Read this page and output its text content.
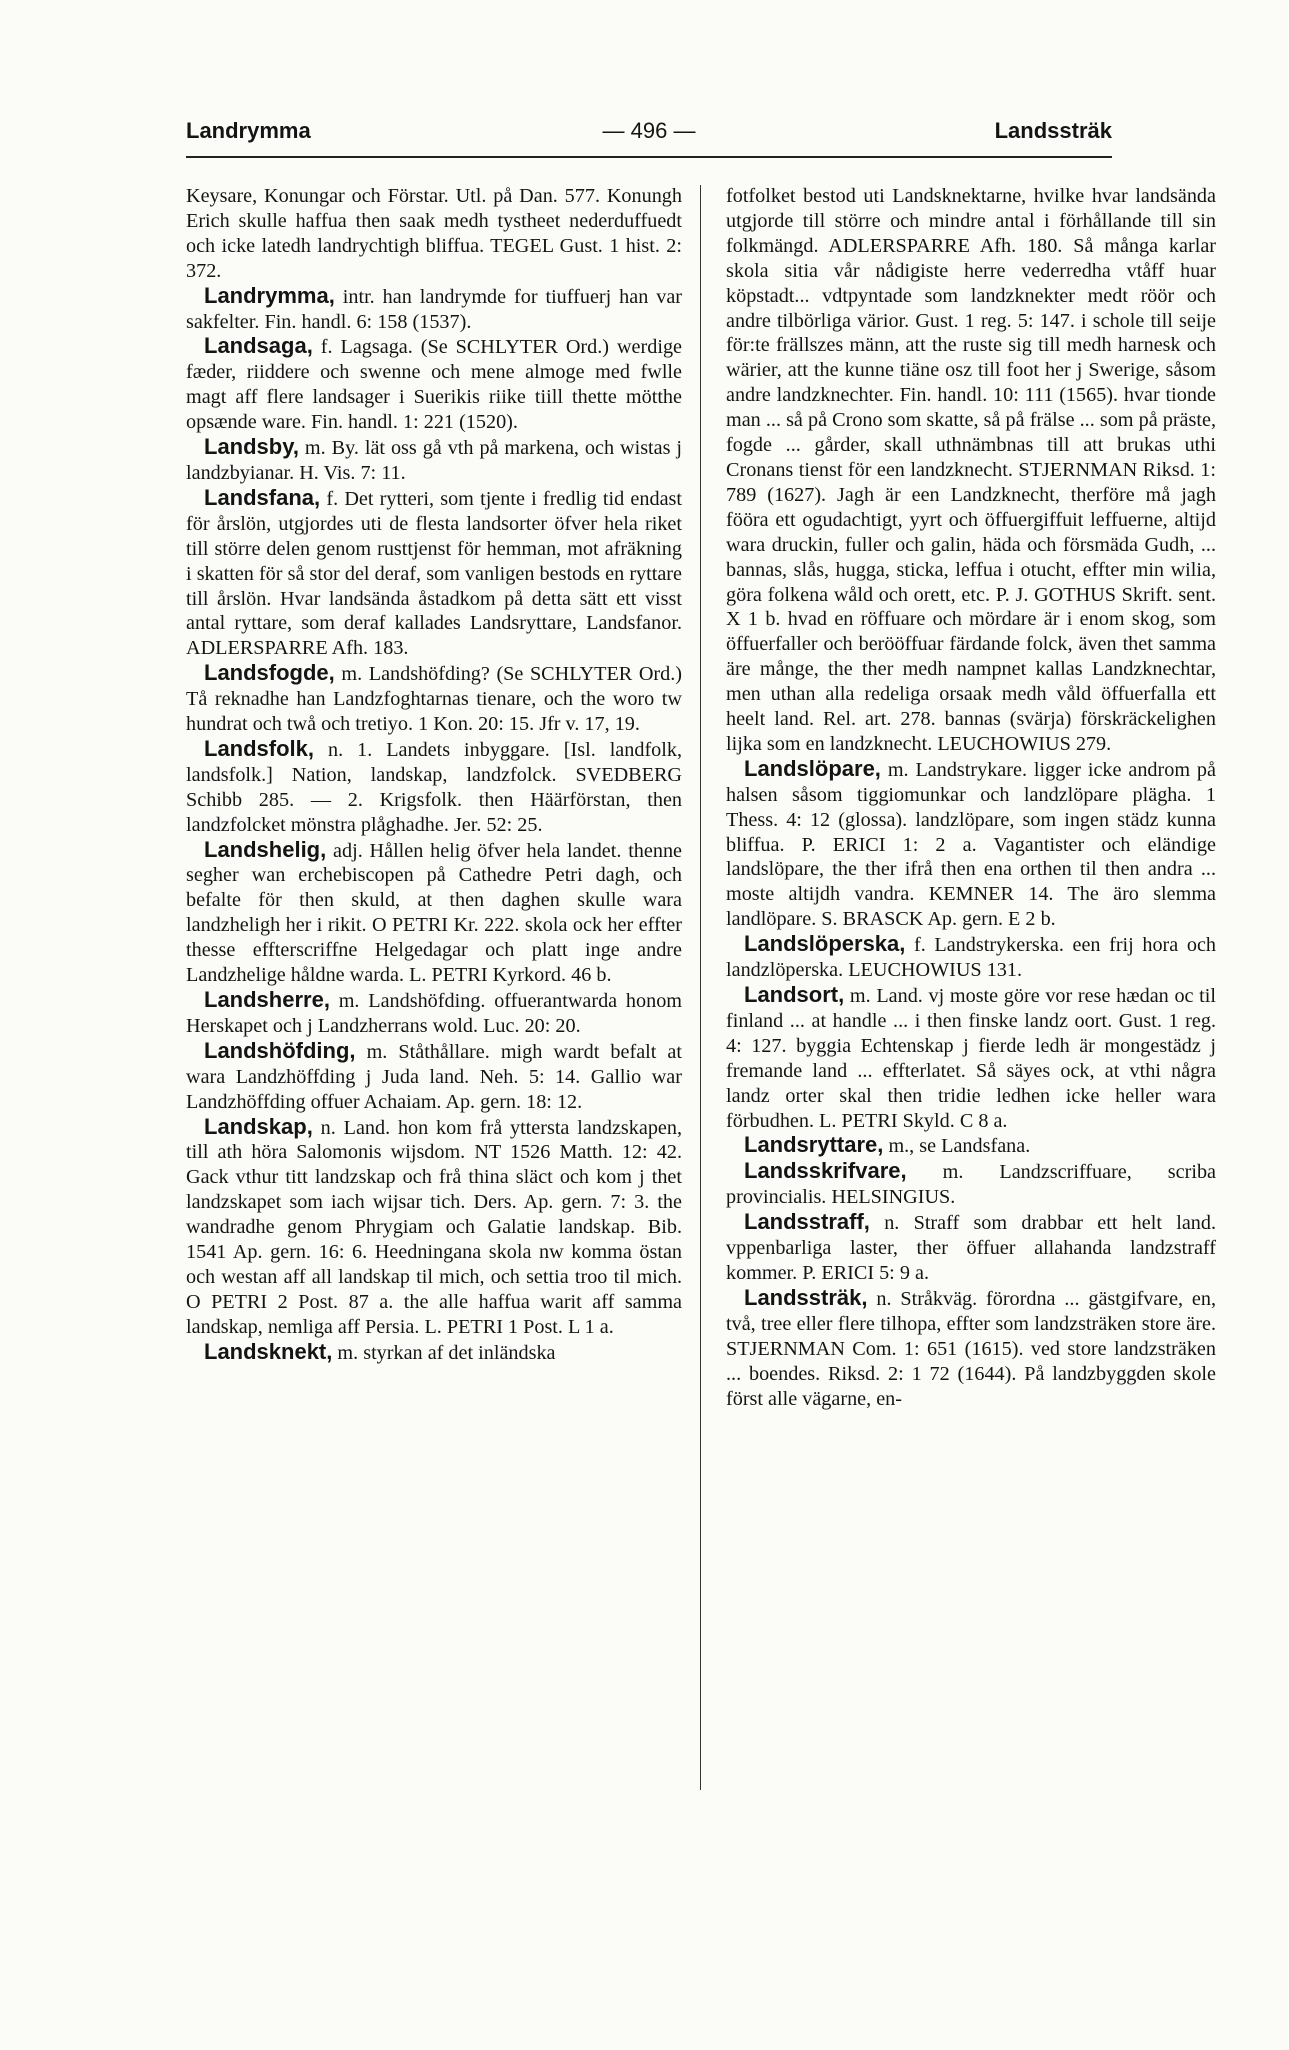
Landrymma	— 496 —	Landssträk

Keysare, Konungar och Förstar. Utl. på Dan. 577. Konungh Erich skulle haffua then saak medh tystheet nederduffuedt och icke latedh landrychtigh bliffua. TEGEL Gust. 1 hist. 2: 372.

Landrymma, intr. han landrymde for tiuffuerj han var sakfelter. Fin. handl. 6: 158 (1537).

Landsaga, f. Lagsaga. (Se SCHLYTER Ord.) werdige fæder, riiddere och swenne och mene almoge med fwlle magt aff flere landsager i Suerikis riike tiill thette mötthe opsænde ware. Fin. handl. 1: 221 (1520).

Landsby, m. By. lät oss gå vth på markena, och wistas j landzbyianar. H. Vis. 7: 11.

Landsfana, f. Det rytteri, som tjente i fredlig tid endast för årslön, utgjordes uti de flesta landsorter öfver hela riket till större delen genom rusttjenst för hemman, mot afräkning i skatten för så stor del deraf, som vanligen bestods en ryttare till årslön. Hvar landsända åstadkom på detta sätt ett visst antal ryttare, som deraf kallades Landsryttare, Landsfanor. ADLERSPARRE Afh. 183.

Landsfogde, m. Landshöfding? (Se SCHLYTER Ord.) Tå reknadhe han Landzfoghtarnas tienare, och the woro tw hundrat och twå och tretiyo. 1 Kon. 20: 15. Jfr v. 17, 19.

Landsfolk, n. 1. Landets inbyggare. [Isl. landfolk, landsfolk.] Nation, landskap, landzfolck. SVEDBERG Schibb 285. — 2. Krigsfolk. then Häärförstan, then landzfolcket mönstra plåghadhe. Jer. 52: 25.

Landshelig, adj. Hållen helig öfver hela landet. thenne segher wan erchebiscopen på Cathedre Petri dagh, och befalte för then skuld, at then daghen skulle wara landzheligh her i rikit. O PETRI Kr. 222. skola ock her effter thesse effterscriffne Helgedagar och platt inge andre Landzhelige håldne warda. L. PETRI Kyrkord. 46 b.

Landsherre, m. Landshöfding. offuerantwarda honom Herskapet och j Landzherrans wold. Luc. 20: 20.

Landshöfding, m. Ståthållare. migh wardt befalt at wara Landzhöffding j Juda land. Neh. 5: 14. Gallio war Landzhöffding offuer Achaiam. Ap. gern. 18: 12.

Landskap, n. Land. hon kom frå yttersta landzskapen, till ath höra Salomonis wijsdom. NT 1526 Matth. 12: 42. Gack vthur titt landzskap och frå thina släct och kom j thet landzskapet som iach wijsar tich. Ders. Ap. gern. 7: 3. the wandradhe genom Phrygiam och Galatie landskap. Bib. 1541 Ap. gern. 16: 6. Heedningana skola nw komma östan och westan aff all landskap til mich, och settia troo til mich. O PETRI 2 Post. 87 a. the alle haffua warit aff samma landskap, nemliga aff Persia. L. PETRI 1 Post. L 1 a.

Landsknekt, m. styrkan af det inländska

fotfolket bestod uti Landsknektarne, hvilke hvar landsända utgjorde till större och mindre antal i förhållande till sin folkmängd. ADLERSPARRE Afh. 180. Så många karlar skola sitia vår nådigiste herre vederredha vtåff huar köpstadt... vdtpyntade som landzknekter medt röör och andre tilbörliga värior. Gust. 1 reg. 5: 147. i schole till seije för:te frällszes männ, att the ruste sig till medh harnesk och wärier, att the kunne tiäne osz till foot her j Swerige, såsom andre landzknechter. Fin. handl. 10: 111 (1565). hvar tionde man ... så på Crono som skatte, så på frälse ... som på präste, fogde ... gårder, skall uthnämbnas till att brukas uthi Cronans tienst för een landzknecht. STJERNMAN Riksd. 1: 789 (1627). Jagh är een Landzknecht, therföre må jagh fööra ett ogudachtigt, yyrt och öffuergiffuit leffuerne, altijd wara druckin, fuller och galin, häda och försmäda Gudh, ... bannas, slås, hugga, sticka, leffua i otucht, effter min wilia, göra folkena wåld och orett, etc. P. J. GOTHUS Skrift. sent. X 1 b. hvad en röffuare och mördare är i enom skog, som öffuerfaller och berööffuar färdande folck, även thet samma äre månge, the ther medh nampnet kallas Landzknechtar, men uthan alla redeliga orsaak medh våld öffuerfalla ett heelt land. Rel. art. 278. bannas (svärja) förskräckelighen lijka som en landzknecht. LEUCHOWIUS 279.

Landslöpare, m. Landstrykare. ligger icke androm på halsen såsom tiggiomunkar och landzlöpare plägha. 1 Thess. 4: 12 (glossa). landzlöpare, som ingen städz kunna bliffua. P. ERICI 1: 2 a. Vagantister och eländige landslöpare, the ther ifrå then ena orthen til then andra ... moste altijdh vandra. KEMNER 14. The äro slemma landlöpare. S. BRASCK Ap. gern. E 2 b.

Landslöperska, f. Landstrykerska. een frij hora och landzlöperska. LEUCHOWIUS 131.

Landsort, m. Land. vj moste göre vor rese hædan oc til finland ... at handle ... i then finske landz oort. Gust. 1 reg. 4: 127. byggia Echtenskap j fierde ledh är mongestädz j fremande land ... effterlatet. Så säyes ock, at vthi några landz orter skal then tridie ledhen icke heller wara förbudhen. L. PETRI Skyld. C 8 a.

Landsryttare, m., se Landsfana.

Landsskrifvare, m. Landzscriffuare, scriba provincialis. HELSINGIUS.

Landsstraff, n. Straff som drabbar ett helt land. vppenbarliga laster, ther öffuer allahanda landzstraff kommer. P. ERICI 5: 9 a.

Landssträk, n. Stråkväg. förordna ... gästgifvare, en, två, tree eller flere tilhopa, effter som landzsträken store äre. STJERNMAN Com. 1: 651 (1615). ved store landzsträken ... boendes. Riksd. 2: 1 72 (1644). På landzbyggden skole först alle vägarne, en-
